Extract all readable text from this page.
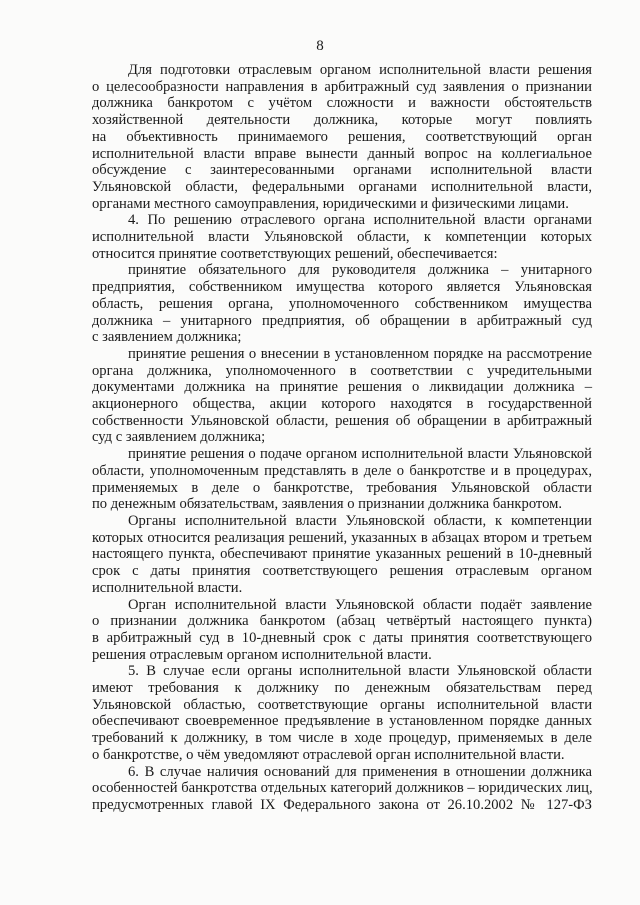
8
Для подготовки отраслевым органом исполнительной власти решения
о целесообразности направления в арбитражный суд заявления о признании
должника банкротом с учётом сложности и важности обстоятельств
хозяйственной деятельности должника, которые могут повлиять
на объективность принимаемого решения, соответствующий орган
исполнительной власти вправе вынести данный вопрос на коллегиальное
обсуждение с заинтересованными органами исполнительной власти
Ульяновской области, федеральными органами исполнительной власти,
органами местного самоуправления, юридическими и физическими лицами.
4. По решению отраслевого органа исполнительной власти органами
исполнительной власти Ульяновской области, к компетенции которых
относится принятие соответствующих решений, обеспечивается:
принятие обязательного для руководителя должника – унитарного
предприятия, собственником имущества которого является Ульяновская
область, решения органа, уполномоченного собственником имущества
должника – унитарного предприятия, об обращении в арбитражный суд
с заявлением должника;
принятие решения о внесении в установленном порядке на рассмотрение
органа должника, уполномоченного в соответствии с учредительными
документами должника на принятие решения о ликвидации должника –
акционерного общества, акции которого находятся в государственной
собственности Ульяновской области, решения об обращении в арбитражный
суд с заявлением должника;
принятие решения о подаче органом исполнительной власти Ульяновской
области, уполномоченным представлять в деле о банкротстве и в процедурах,
применяемых в деле о банкротстве, требования Ульяновской области
по денежным обязательствам, заявления о признании должника банкротом.
Органы исполнительной власти Ульяновской области, к компетенции
которых относится реализация решений, указанных в абзацах втором и третьем
настоящего пункта, обеспечивают принятие указанных решений в 10-дневный
срок с даты принятия соответствующего решения отраслевым органом
исполнительной власти.
Орган исполнительной власти Ульяновской области подаёт заявление
о признании должника банкротом (абзац четвёртый настоящего пункта)
в арбитражный суд в 10-дневный срок с даты принятия соответствующего
решения отраслевым органом исполнительной власти.
5. В случае если органы исполнительной власти Ульяновской области
имеют требования к должнику по денежным обязательствам перед
Ульяновской областью, соответствующие органы исполнительной власти
обеспечивают своевременное предъявление в установленном порядке данных
требований к должнику, в том числе в ходе процедур, применяемых в деле
о банкротстве, о чём уведомляют отраслевой орган исполнительной власти.
6. В случае наличия оснований для применения в отношении должника
особенностей банкротства отдельных категорий должников – юридических лиц,
предусмотренных главой IX Федерального закона от 26.10.2002 № 127-ФЗ
